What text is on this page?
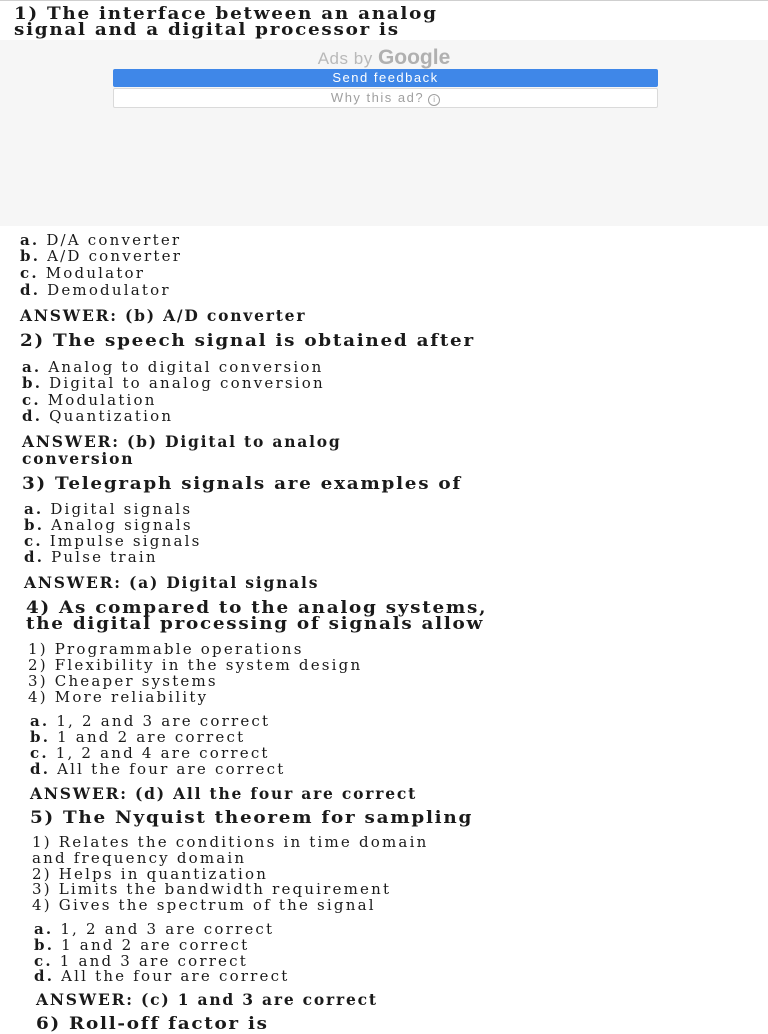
1) The interface between an analog

signal and a digital processor is

Ads by Google
Send feedback
Why this ad? i

a. D/A converter

b. A/D converter

c. Modulator

d. Demodulator

ANSWER: (b) A/D converter

2) The speech signal is obtained after

a. Analog to digital conversion

b. Digital to analog conversion

c. Modulation

d. Quantization

ANSWER: (b) Digital to analog

conversion

3) Telegraph signals are examples of

a. Digital signals

b. Analog signals

c. Impulse signals

d. Pulse train

ANSWER: (a) Digital signals

4) As compared to the analog systems,

the digital processing of signals allow

1) Programmable operations

2) Flexibility in the system design

3) Cheaper systems

4) More reliability

a. 1, 2 and 3 are correct

b. 1 and 2 are correct

c. 1, 2 and 4 are correct

d. All the four are correct

ANSWER: (d) All the four are correct

5) The Nyquist theorem for sampling

1) Relates the conditions in time domain

and frequency domain

2) Helps in quantization

3) Limits the bandwidth requirement

4) Gives the spectrum of the signal

a. 1, 2 and 3 are correct

b. 1 and 2 are correct

c. 1 and 3 are correct

d. All the four are correct

ANSWER: (c) 1 and 3 are correct

6) Roll-off factor is
